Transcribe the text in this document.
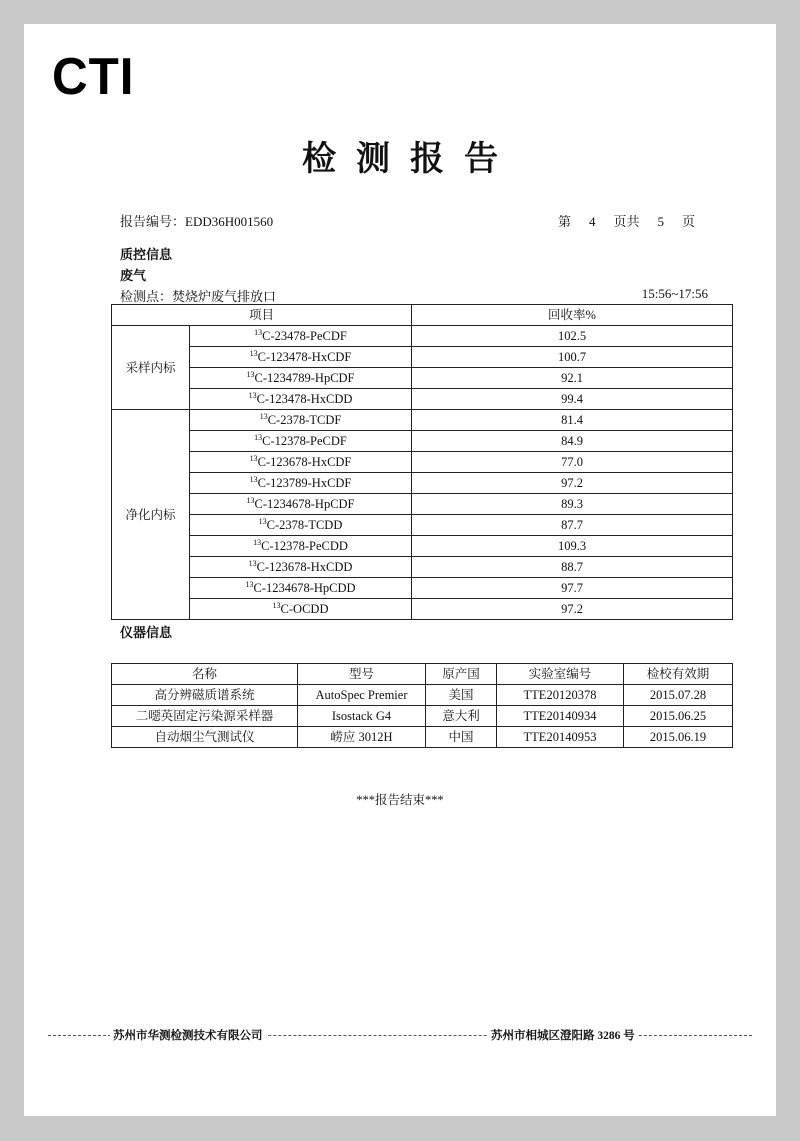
CTI
检测报告
报告编号：EDD36H001560	第 4 页共 5 页
质控信息
废气
检测点：焚烧炉废气排放口	15:56~17:56
项目		回收率%
采样内标	$^{13}$C-23478-PeCDF	102.5
	$^{13}$C-123478-HxCDF	100.7
	$^{13}$C-1234789-HpCDF	92.1
	$^{13}$C-123478-HxCDD	99.4
净化内标	$^{13}$C-2378-TCDF	81.4
	$^{13}$C-12378-PeCDF	84.9
	$^{13}$C-123678-HxCDF	77.0
	$^{13}$C-123789-HxCDF	97.2
	$^{13}$C-1234678-HpCDF	89.3
	$^{13}$C-2378-TCDD	87.7
	$^{13}$C-12378-PeCDD	109.3
	$^{13}$C-123678-HxCDD	88.7
	$^{13}$C-1234678-HpCDD	97.7
	$^{13}$C-OCDD	97.2
仪器信息
名称	型号	原产国	实验室编号	检校有效期
高分辨磁质谱系统	AutoSpec Premier	美国	TTE20120378	2015.07.28
二噁英固定污染源采样器	Isostack G4	意大利	TTE20140934	2015.06.25
自动烟尘气测试仪	崂应 3012H	中国	TTE20140953	2015.06.19
***报告结束***
苏州市华测检测技术有限公司	苏州市相城区澄阳路 3286 号
